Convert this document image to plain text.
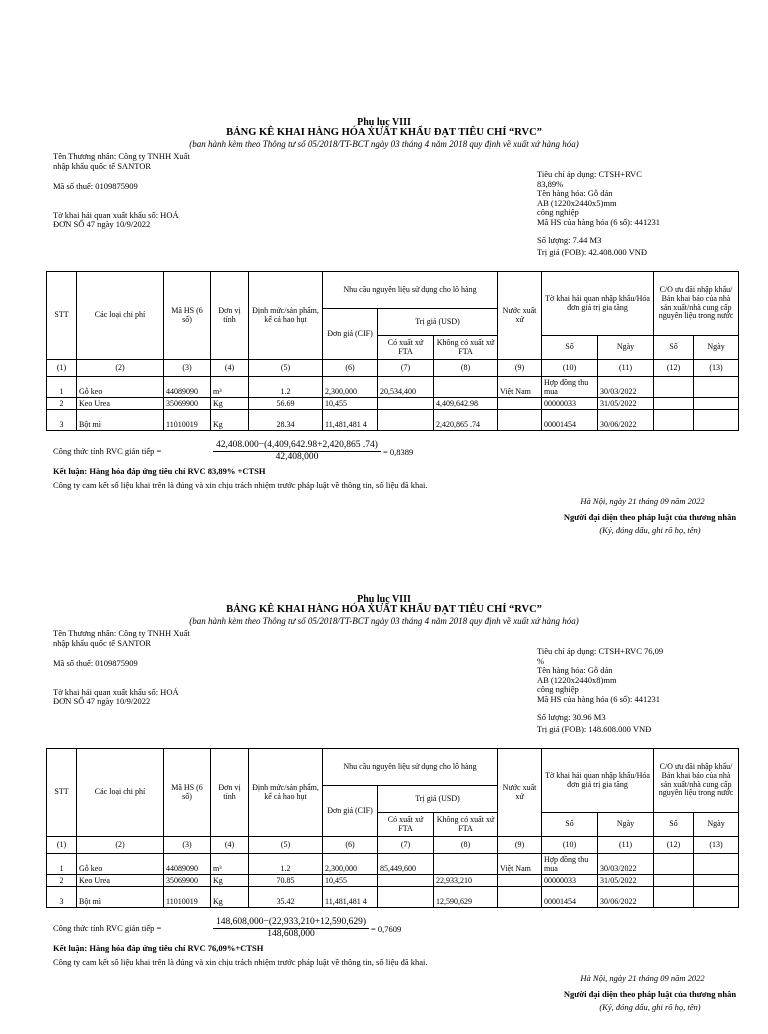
Phụ lục VIII
BẢNG KÊ KHAI HÀNG HÓA XUẤT KHẨU ĐẠT TIÊU CHÍ “RVC”
(ban hành kèm theo Thông tư số 05/2018/TT-BCT ngày 03 tháng 4 năm 2018 quy định về xuất xứ hàng hóa)
Tên Thương nhân: Công ty TNHH Xuất
nhập khẩu quốc tế SANTOR
Mã số thuế: 0109875909
Tờ khai hải quan xuất khẩu số: HOÁ
ĐƠN SỐ 47 ngày 10/9/2022
Tiêu chí áp dụng: CTSH+RVC
83,89%
Tên hàng hóa: Gỗ dán
AB (1220x2440x5)mm
công nghiệp
Mã HS của hàng hóa (6 số): 441231
Số lượng: 7.44 M3
Trị giá (FOB): 42.408.000 VNĐ
STT	Các loại chi phí	Mã HS (6 số)	Đơn vị tính	Định mức/sản phẩm, kể cả hao hụt	Nhu cầu nguyên liệu sử dụng cho lô hàng			Nước xuất xứ	Tờ khai hải quan nhập khẩu/Hóa đơn giá trị gia tăng		C/O ưu đãi nhập khẩu/ Bản khai báo của nhà sản xuất/nhà cung cấp nguyên liệu trong nước	
					Đơn giá (CIF)	Trị giá (USD)						
						Có xuất xứ FTA	Không có xuất xứ FTA		Số	Ngày	Số	Ngày
(1)	(2)	(3)	(4)	(5)	(6)	(7)	(8)	(9)	(10)	(11)	(12)	(13)
1	Gỗ keo	44089090	m³	1.2	2,300,000	20,534,400		Việt Nam	Hợp đồng thu mua	30/03/2022		
2	Keo Urea	35069900	Kg	56.69	10,455		4,409,642.98		00000033	31/05/2022		
3	Bột mì	11010019	Kg	28.34	11,481,481 4		2,420,865 .74		00001454	30/06/2022		
Công thức tính RVC gián tiếp =	$\frac{42,408.000-(4,409,642.98+2,420,865 .74)}{42,408,000} = 0,8389$
Kết luận: Hàng hóa đáp ứng tiêu chí RVC 83,89% +CTSH
Công ty cam kết số liệu khai trên là đúng và xin chịu trách nhiệm trước pháp luật về thông tin, số liệu đã khai.
Hà Nội, ngày 21 tháng 09 năm 2022
Người đại diện theo pháp luật của thương nhân
(Ký, đóng dấu, ghi rõ họ, tên)
Phụ lục VIII
BẢNG KÊ KHAI HÀNG HÓA XUẤT KHẨU ĐẠT TIÊU CHÍ “RVC”
(ban hành kèm theo Thông tư số 05/2018/TT-BCT ngày 03 tháng 4 năm 2018 quy định về xuất xứ hàng hóa)
Tên Thương nhân: Công ty TNHH Xuất
nhập khẩu quốc tế SANTOR
Mã số thuế: 0109875909
Tờ khai hải quan xuất khẩu số: HOÁ
ĐƠN SỐ 47 ngày 10/9/2022
Tiêu chí áp dụng: CTSH+RVC 76,09
%
Tên hàng hóa: Gỗ dán
AB (1220x2440x8)mm
công nghiệp
Mã HS của hàng hóa (6 số): 441231
Số lượng: 30.96 M3
Trị giá (FOB): 148.608.000 VNĐ
STT	Các loại chi phí	Mã HS (6 số)	Đơn vị tính	Định mức/sản phẩm, kể cả hao hụt	Nhu cầu nguyên liệu sử dụng cho lô hàng			Nước xuất xứ	Tờ khai hải quan nhập khẩu/Hóa đơn giá trị gia tăng		C/O ưu đãi nhập khẩu/ Bản khai báo của nhà sản xuất/nhà cung cấp nguyên liệu trong nước	
					Đơn giá (CIF)	Trị giá (USD)						
						Có xuất xứ FTA	Không có xuất xứ FTA		Số	Ngày	Số	Ngày
(1)	(2)	(3)	(4)	(5)	(6)	(7)	(8)	(9)	(10)	(11)	(12)	(13)
1	Gỗ keo	44089090	m³	1.2	2,300,000	85,449,600		Việt Nam	Hợp đồng thu mua	30/03/2022		
2	Keo Urea	35069900	Kg	70.85	10,455		22,933,210		00000033	31/05/2022		
3	Bột mì	11010019	Kg	35.42	11,481,481 4		12,590,629		00001454	30/06/2022		
Công thức tính RVC gián tiếp =	$\frac{148,608,000-(22,933,210+12,590,629)}{148,608,000} = 0,7609$
Kết luận: Hàng hóa đáp ứng tiêu chí RVC 76,09%+CTSH
Công ty cam kết số liệu khai trên là đúng và xin chịu trách nhiệm trước pháp luật về thông tin, số liệu đã khai.
Hà Nội, ngày 21 tháng 09 năm 2022
Người đại diện theo pháp luật của thương nhân
(Ký, đóng dấu, ghi rõ họ, tên)
